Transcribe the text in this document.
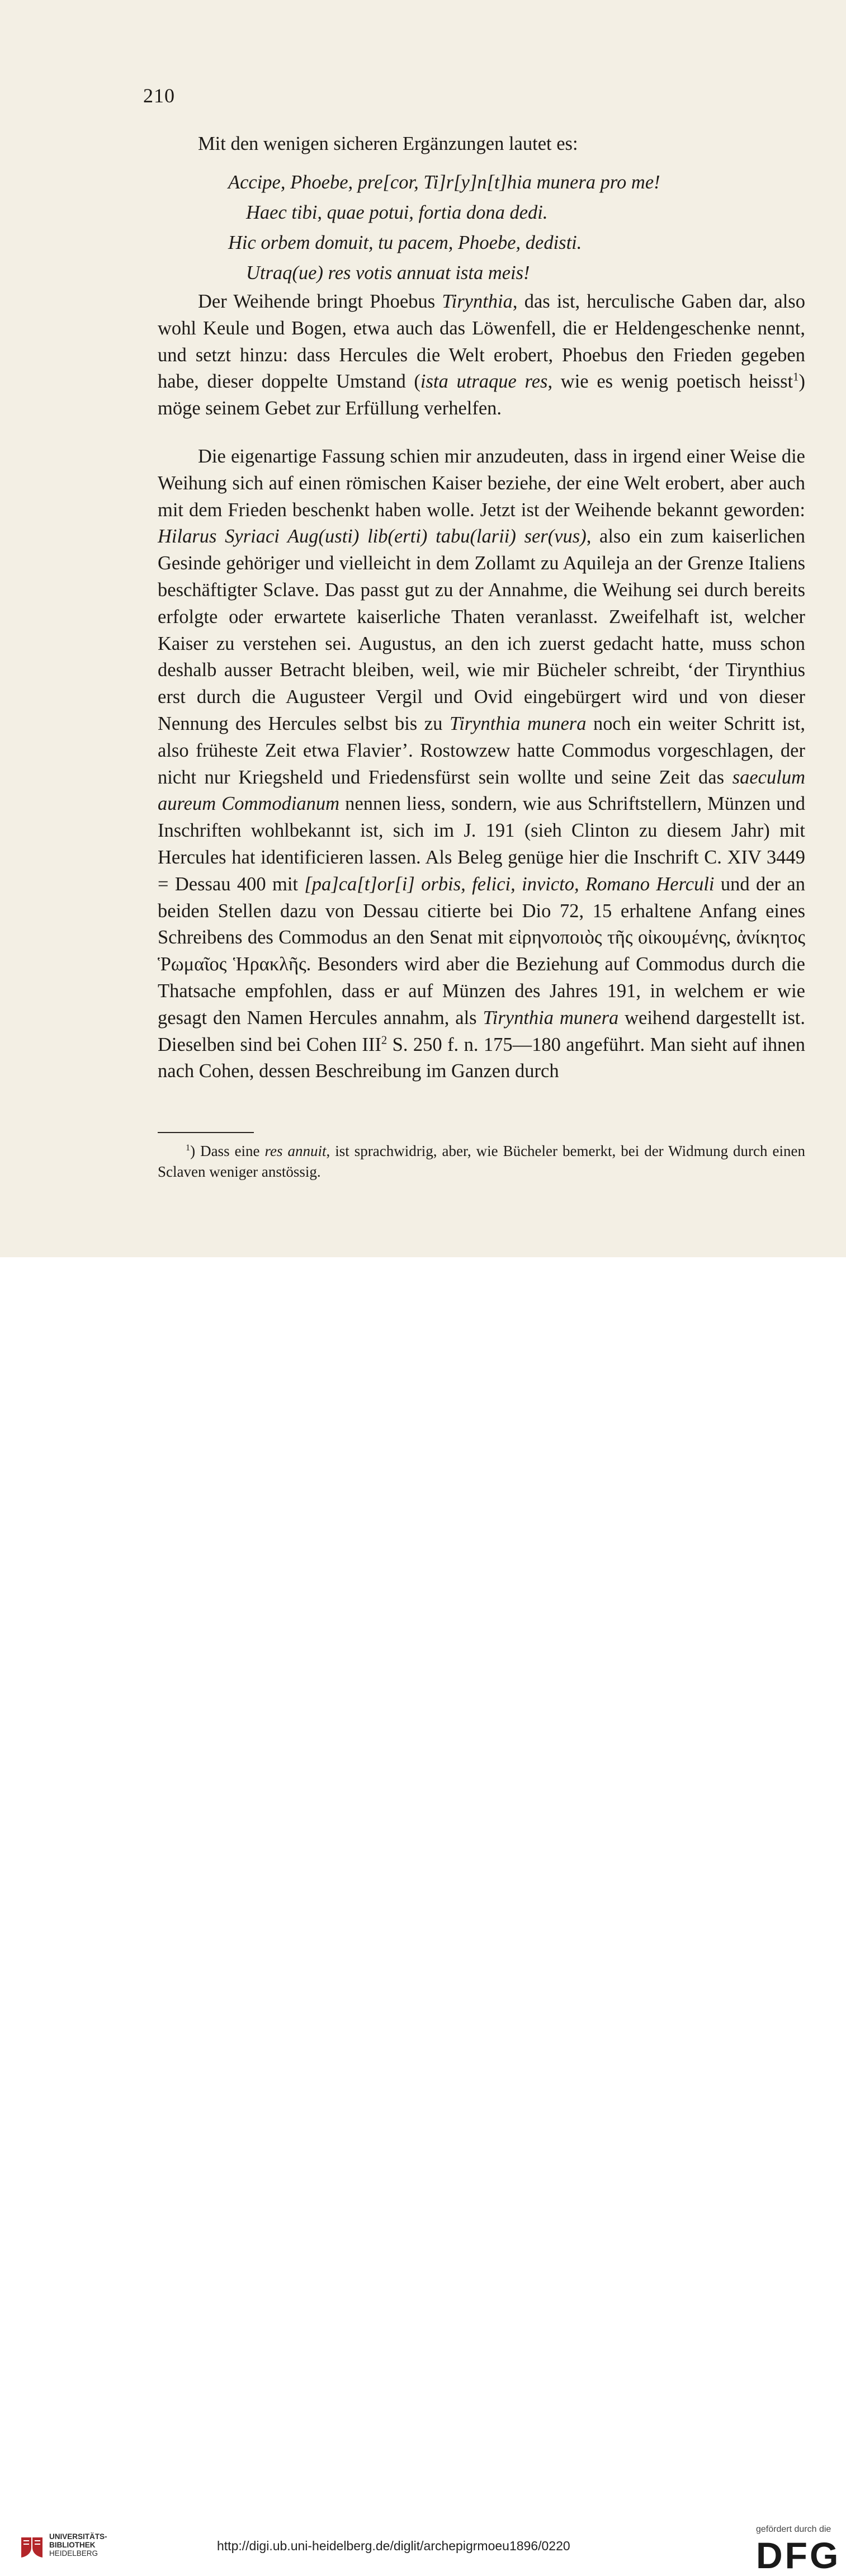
210
Mit den wenigen sicheren Ergänzungen lautet es:
Accipe, Phoebe, pre[cor, Ti]r[y]n[t]hia munera pro me!
Haec tibi, quae potui, fortia dona dedi.
Hic orbem domuit, tu pacem, Phoebe, dedisti.
Utraq(ue) res votis annuat ista meis!

Der Weihende bringt Phoebus Tirynthia, das ist, herculische Gaben dar, also wohl Keule und Bogen, etwa auch das Löwenfell, die er Heldengeschenke nennt, und setzt hinzu: dass Hercules die Welt erobert, Phoebus den Frieden gegeben habe, dieser doppelte Umstand (ista utraque res, wie es wenig poetisch heisst$^1$) möge seinem Gebet zur Erfüllung verhelfen.

Die eigenartige Fassung schien mir anzudeuten, dass in irgend einer Weise die Weihung sich auf einen römischen Kaiser beziehe, der eine Welt erobert, aber auch mit dem Frieden beschenkt haben wolle. Jetzt ist der Weihende bekannt geworden: Hilarus Syriaci Aug(usti) lib(erti) tabu(larii) ser(vus), also ein zum kaiserlichen Gesinde gehöriger und vielleicht in dem Zollamt zu Aquileja an der Grenze Italiens beschäftigter Sclave. Das passt gut zu der Annahme, die Weihung sei durch bereits erfolgte oder erwartete kaiserliche Thaten veranlasst. Zweifelhaft ist, welcher Kaiser zu verstehen sei. Augustus, an den ich zuerst gedacht hatte, muss schon deshalb ausser Betracht bleiben, weil, wie mir Bücheler schreibt, ‘der Tirynthius erst durch die Augusteer Vergil und Ovid eingebürgert wird und von dieser Nennung des Hercules selbst bis zu Tirynthia munera noch ein weiter Schritt ist, also früheste Zeit etwa Flavier’. Rostowzew hatte Commodus vorgeschlagen, der nicht nur Kriegsheld und Friedensfürst sein wollte und seine Zeit das saeculum aureum Commodianum nennen liess, sondern, wie aus Schriftstellern, Münzen und Inschriften wohlbekannt ist, sich im J. 191 (sieh Clinton zu diesem Jahr) mit Hercules hat identificieren lassen. Als Beleg genüge hier die Inschrift C. XIV 3449 = Dessau 400 mit [pa]ca[t]or[i] orbis, felici, invicto, Romano Herculi und der an beiden Stellen dazu von Dessau citierte bei Dio 72, 15 erhaltene Anfang eines Schreibens des Commodus an den Senat mit εἰρηνοποιὸς τῆς οἰκουμένης, ἀνίκητος Ῥωμαῖος Ἡρακλῆς. Besonders wird aber die Beziehung auf Commodus durch die Thatsache empfohlen, dass er auf Münzen des Jahres 191, in welchem er wie gesagt den Namen Hercules annahm, als Tirynthia munera weihend dargestellt ist. Dieselben sind bei Cohen III$^2$ S. 250 f. n. 175—180 angeführt. Man sieht auf ihnen nach Cohen, dessen Beschreibung im Ganzen durch

$^1$) Dass eine res annuit, ist sprachwidrig, aber, wie Bücheler bemerkt, bei der Widmung durch einen Sclaven weniger anstössig.

UNIVERSITÄTS-
BIBLIOTHEK
HEIDELBERG
http://digi.ub.uni-heidelberg.de/diglit/archepigrmoeu1896/0220
gefördert durch die
DFG
